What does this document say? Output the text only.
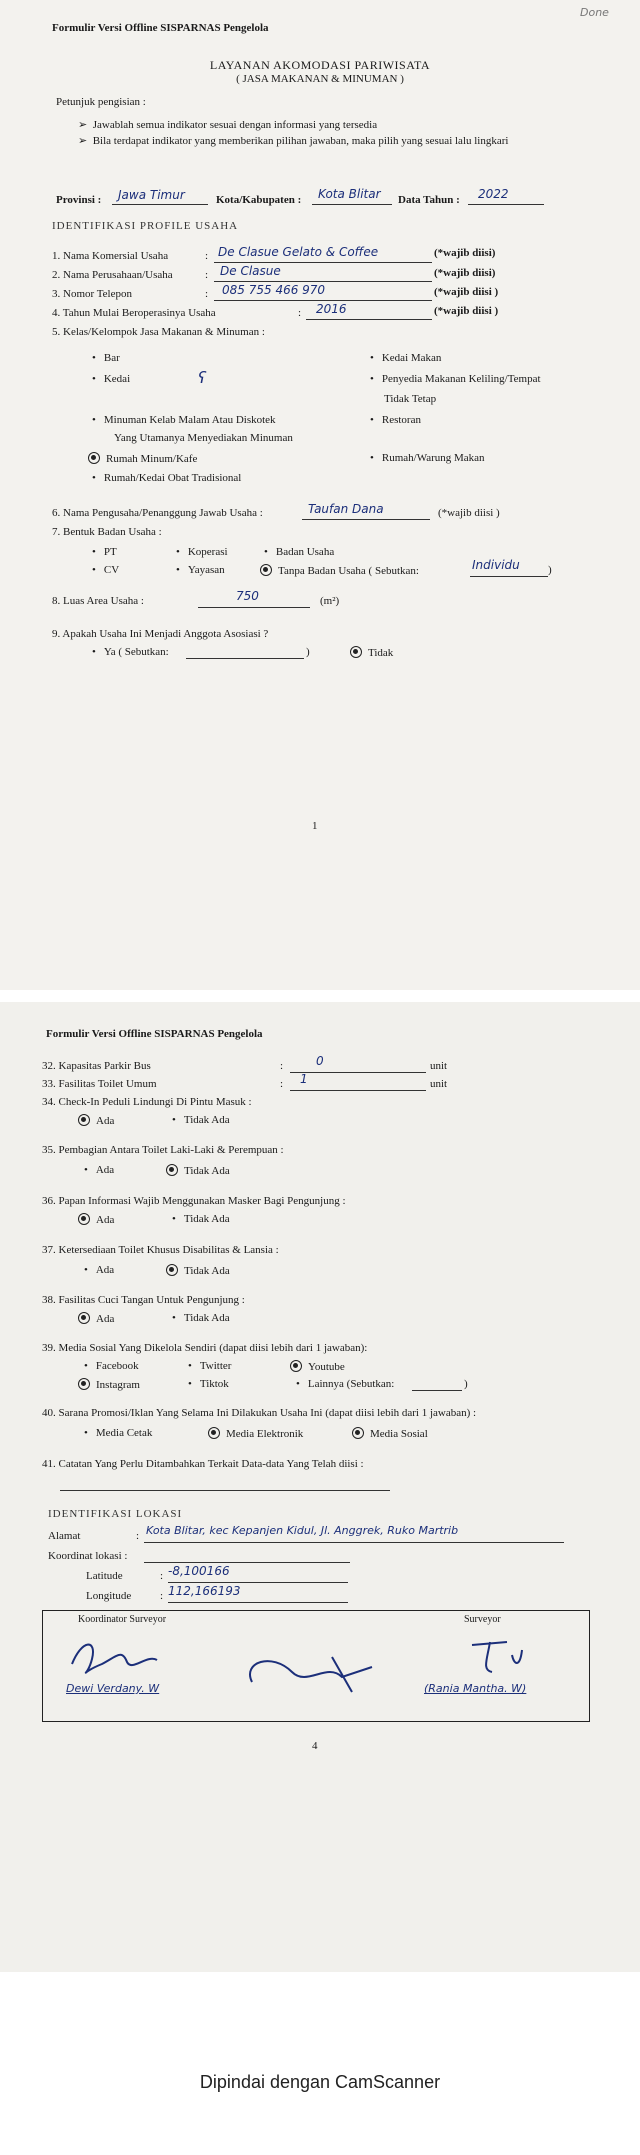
Done
Formulir Versi Offline SISPARNAS Pengelola
LAYANAN AKOMODASI PARIWISATA
( JASA MAKANAN & MINUMAN )
Petunjuk pengisian :
➢  Jawablah semua indikator sesuai dengan informasi yang tersedia
➢  Bila terdapat indikator yang memberikan pilihan jawaban, maka pilih yang sesuai lalu lingkari
Provinsi : Jawa Timur	Kota/Kabupaten : Kota Blitar Data Tahun : 2022
IDENTIFIKASI PROFILE USAHA
1. Nama Komersial Usaha	: De Clasue Gelato & Coffee	(*wajib diisi)
2. Nama Perusahaan/Usaha	: De Clasue	(*wajib diisi)
3. Nomor Telepon	: 085 755 466 970	(*wajib diisi )
4. Tahun Mulai Beroperasinya Usaha	: 2016	(*wajib diisi )
5. Kelas/Kelompok Jasa Makanan & Minuman :
• Bar
• Kedai	ʕ
• Kedai Makan
• Penyedia Makanan Keliling/Tempat
Tidak Tetap
• Minuman Kelab Malam Atau Diskotek
Yang Utamanya Menyediakan Minuman
• Restoran
Rumah Minum/Kafe	• Rumah/Warung Makan
• Rumah/Kedai Obat Tradisional
6. Nama Pengusaha/Penanggung Jawab Usaha :	Taufan Dana	(*wajib diisi )
7. Bentuk Badan Usaha :
• PT	• Koperasi	• Badan Usaha
• CV	• Yayasan	Tanpa Badan Usaha ( Sebutkan:	Individu	)
8. Luas Area Usaha :	750	(m²)
9. Apakah Usaha Ini Menjadi Anggota Asosiasi ?
• Ya ( Sebutkan:	)	Tidak
1
Formulir Versi Offline SISPARNAS Pengelola
32. Kapasitas Parkir Bus	:	0	unit
33. Fasilitas Toilet Umum	: 1	unit
34. Check-In Peduli Lindungi Di Pintu Masuk :
Ada	• Tidak Ada
35. Pembagian Antara Toilet Laki-Laki & Perempuan :
• Ada	Tidak Ada
36. Papan Informasi Wajib Menggunakan Masker Bagi Pengunjung :
Ada	• Tidak Ada
37. Ketersediaan Toilet Khusus Disabilitas & Lansia :
• Ada	Tidak Ada
38. Fasilitas Cuci Tangan Untuk Pengunjung :
Ada	• Tidak Ada
39. Media Sosial Yang Dikelola Sendiri (dapat diisi lebih dari 1 jawaban):
• Facebook	• Twitter	Youtube
Instagram	• Tiktok	• Lainnya (Sebutkan:	)
40. Sarana Promosi/Iklan Yang Selama Ini Dilakukan Usaha Ini (dapat diisi lebih dari 1 jawaban) :
• Media Cetak	Media Elektronik	Media Sosial
41. Catatan Yang Perlu Ditambahkan Terkait Data-data Yang Telah diisi :
IDENTIFIKASI LOKASI
Alamat	: Kota Blitar, kec Kepanjen Kidul, Jl. Anggrek, Ruko Martrib
Koordinat lokasi :
Latitude	: -8,100166
Longitude	: 112,166193
Koordinator Surveyor	Surveyor
Dewi Verdany. W	(Rania Mantha. W)
4
Dipindai dengan CamScanner
